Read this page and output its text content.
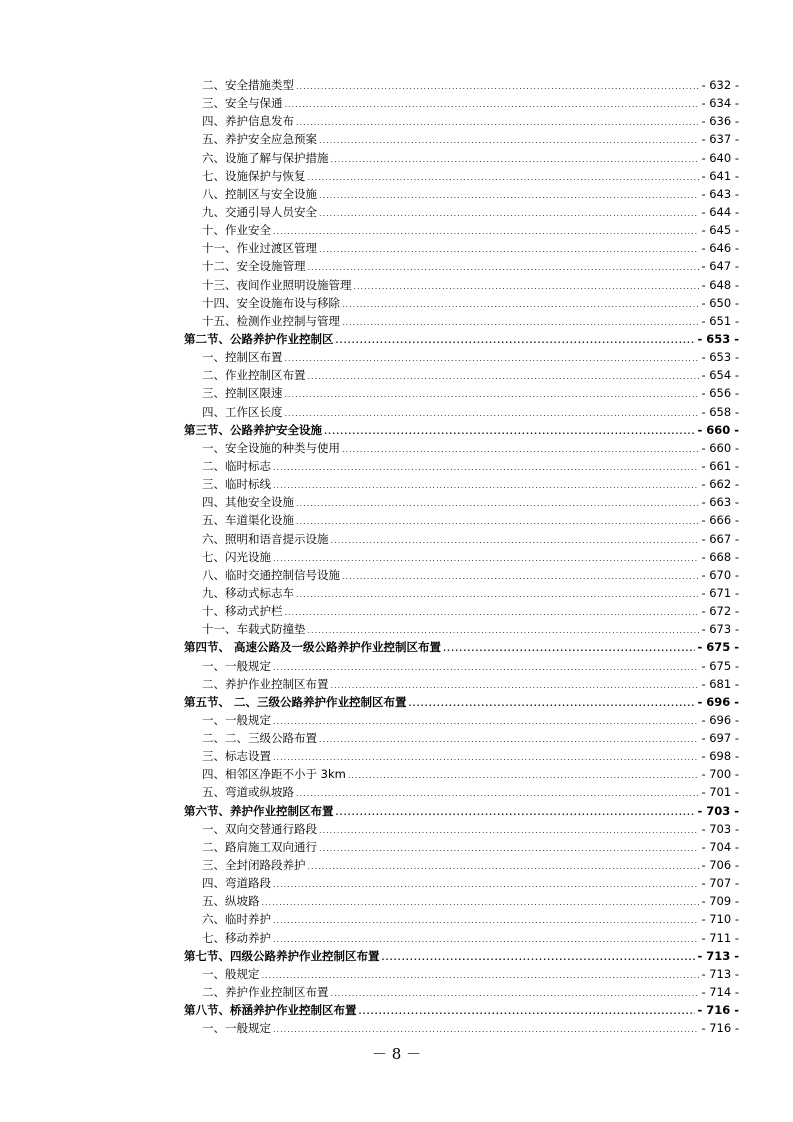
二、安全措施类型 .....	- 632 -
三、安全与保通 .....	- 634 -
四、养护信息发布 .....	- 636 -
五、养护安全应急预案 .....	- 637 -
六、设施了解与保护措施 .....	- 640 -
七、设施保护与恢复 .....	- 641 -
八、控制区与安全设施 .....	- 643 -
九、交通引导人员安全 .....	- 644 -
十、作业安全 .....	- 645 -
十一、作业过渡区管理 .....	- 646 -
十二、安全设施管理 .....	- 647 -
十三、夜间作业照明设施管理 .....	- 648 -
十四、安全设施布设与移除 .....	- 650 -
十五、检测作业控制与管理 .....	- 651 -
第二节、公路养护作业控制区 .....	- 653 -
一、控制区布置 .....	- 653 -
二、作业控制区布置 .....	- 654 -
三、控制区限速 .....	- 656 -
四、工作区长度 .....	- 658 -
第三节、公路养护安全设施 .....	- 660 -
一、安全设施的种类与使用 .....	- 660 -
二、临时标志 .....	- 661 -
三、临时标线 .....	- 662 -
四、其他安全设施 .....	- 663 -
五、车道渠化设施 .....	- 666 -
六、照明和语音提示设施 .....	- 667 -
七、闪光设施 .....	- 668 -
八、临时交通控制信号设施 .....	- 670 -
九、移动式标志车 .....	- 671 -
十、移动式护栏 .....	- 672 -
十一、车载式防撞垫 .....	- 673 -
第四节、 高速公路及一级公路养护作业控制区布置 .....	- 675 -
一、一般规定 .....	- 675 -
二、养护作业控制区布置 .....	- 681 -
第五节、 二、三级公路养护作业控制区布置 .....	- 696 -
一、一般规定 .....	- 696 -
二、二、三级公路布置 .....	- 697 -
三、标志设置 .....	- 698 -
四、相邻区净距不小于 3km .....	- 700 -
五、弯道或纵坡路 .....	- 701 -
第六节、养护作业控制区布置 .....	- 703 -
一、双向交替通行路段 .....	- 703 -
二、路肩施工双向通行 .....	- 704 -
三、全封闭路段养护 .....	- 706 -
四、弯道路段 .....	- 707 -
五、纵坡路 .....	- 709 -
六、临时养护 .....	- 710 -
七、移动养护 .....	- 711 -
第七节、四级公路养护作业控制区布置 .....	- 713 -
一、般规定 .....	- 713 -
二、养护作业控制区布置 .....	- 714 -
第八节、桥涵养护作业控制区布置 .....	- 716 -
一、一般规定 .....	- 716 -
－ 8 －
